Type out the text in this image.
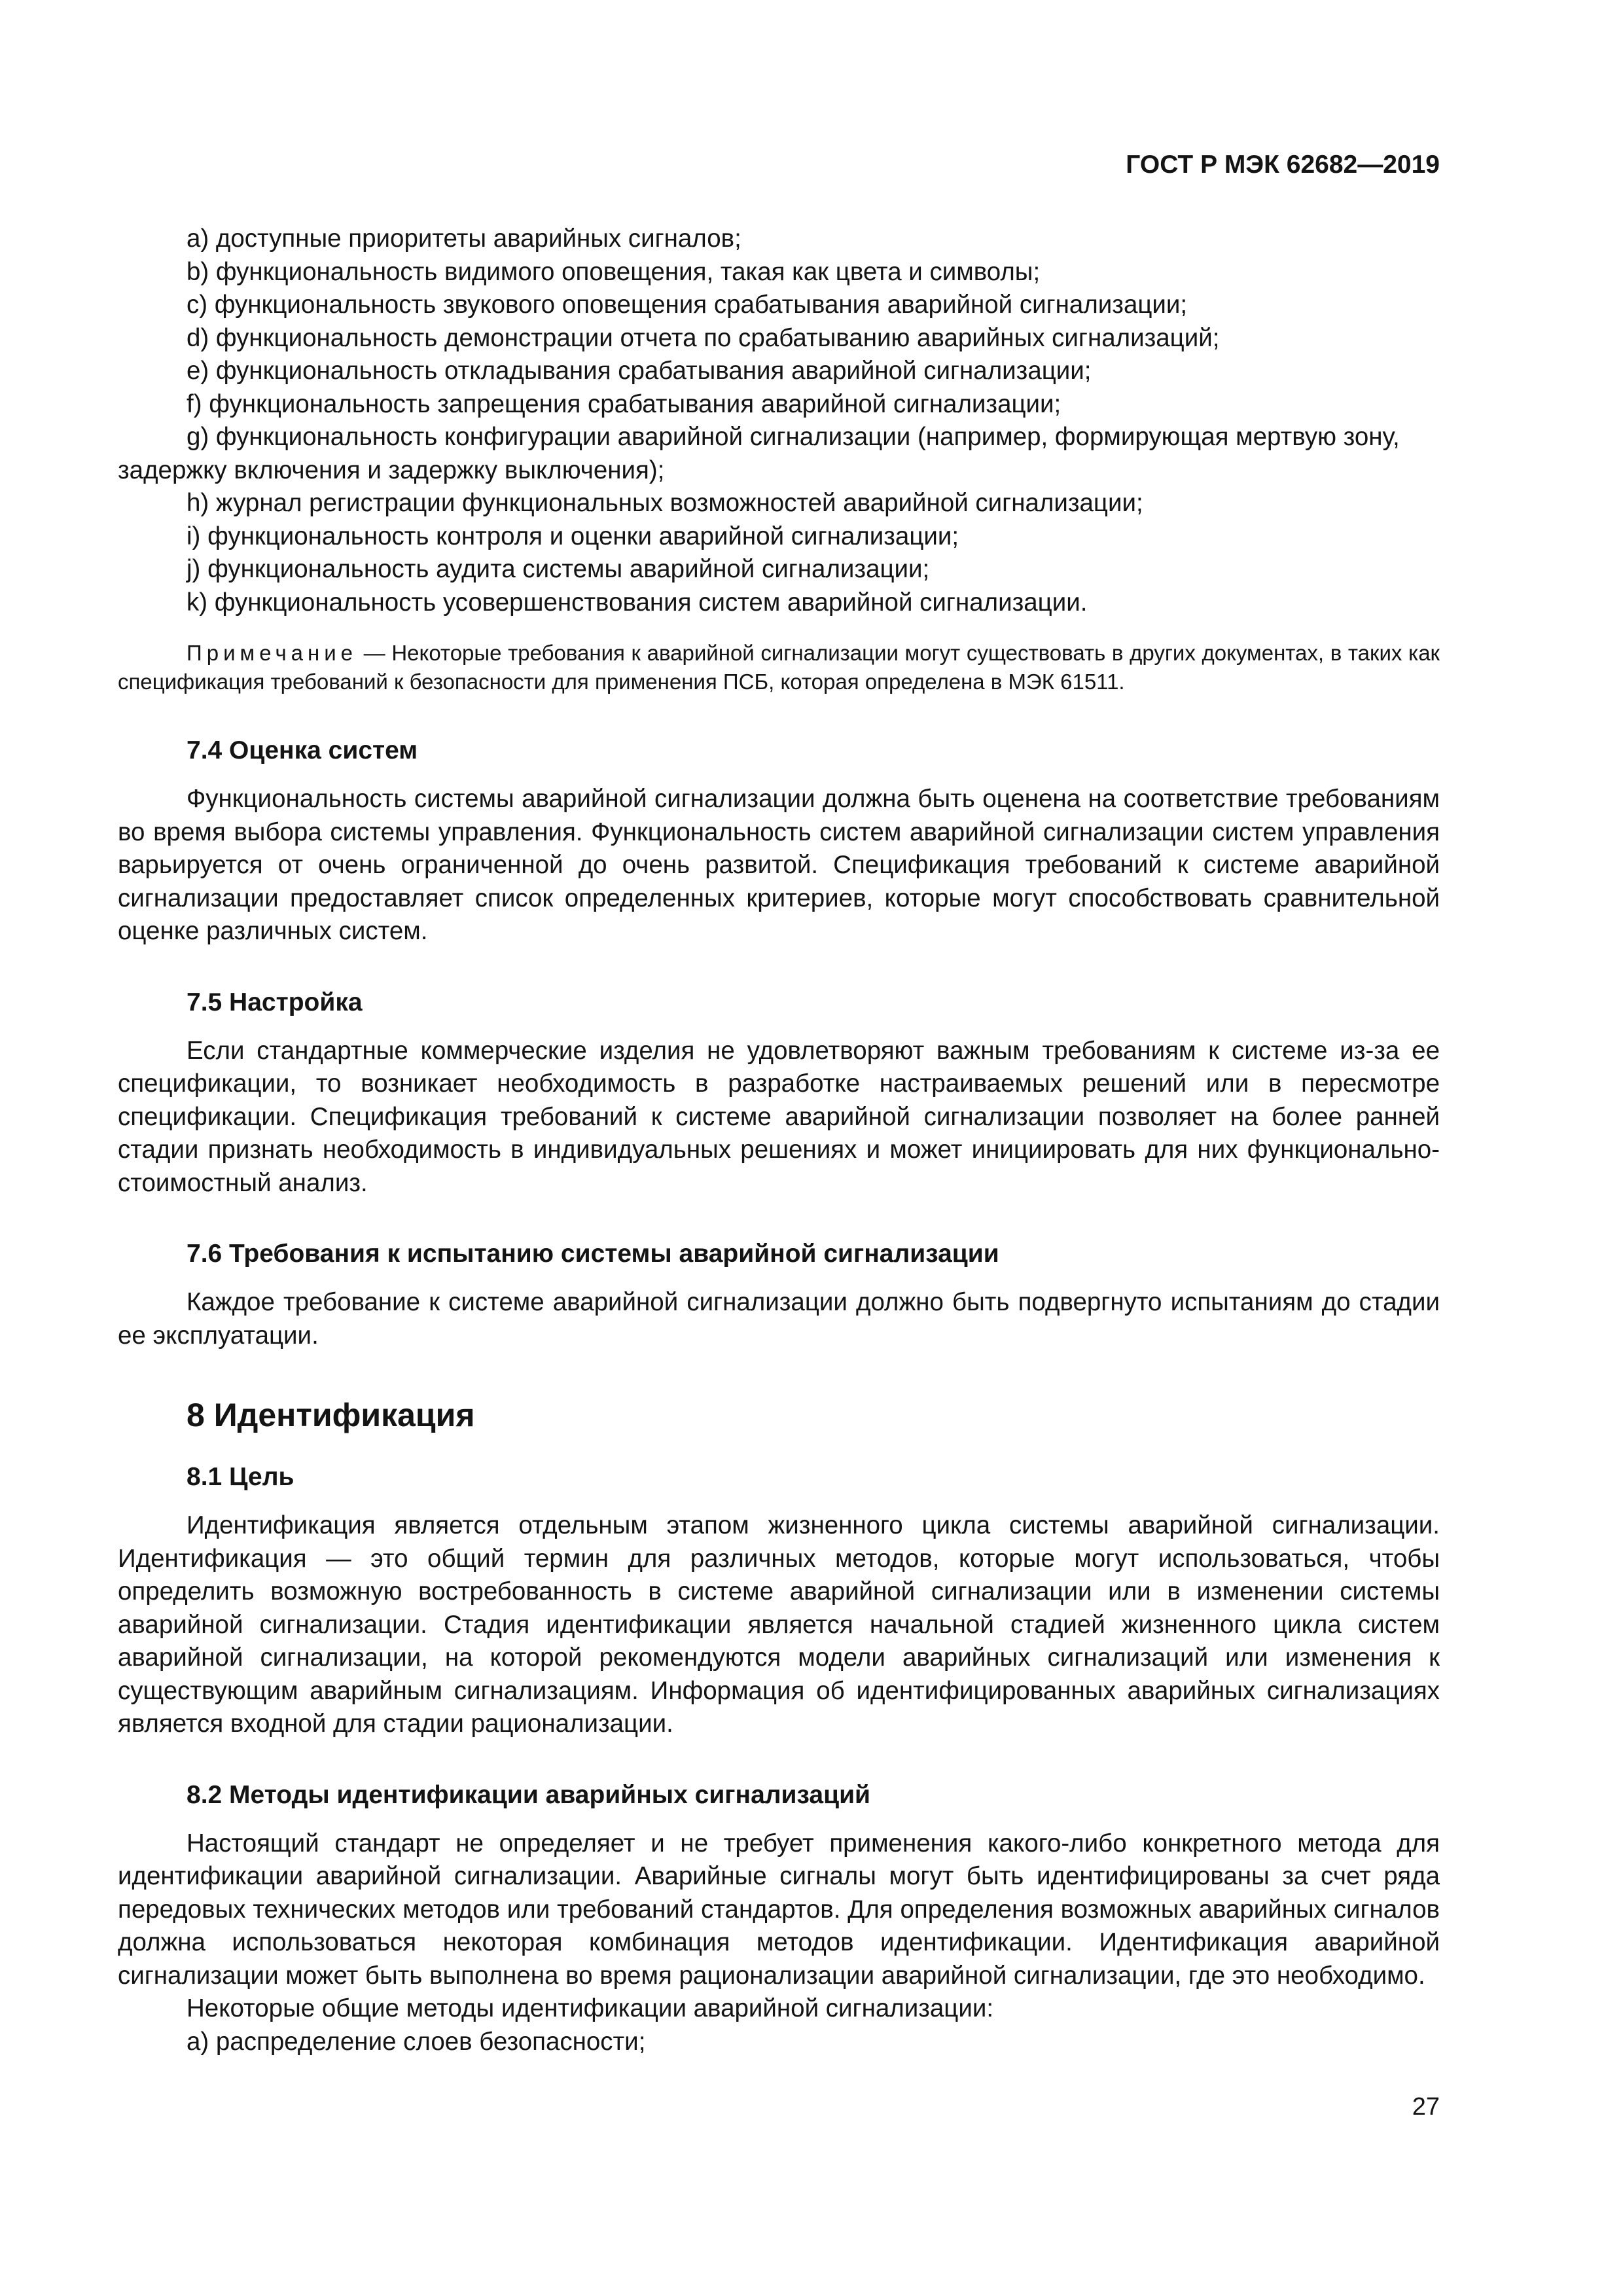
ГОСТ Р МЭК 62682—2019

a) доступные приоритеты аварийных сигналов;

b) функциональность видимого оповещения, такая как цвета и символы;

c) функциональность звукового оповещения срабатывания аварийной сигнализации;

d) функциональность демонстрации отчета по срабатыванию аварийных сигнализаций;

e) функциональность откладывания срабатывания аварийной сигнализации;

f) функциональность запрещения срабатывания аварийной сигнализации;

g) функциональность конфигурации аварийной сигнализации (например, формирующая мертвую зону, задержку включения и задержку выключения);

h) журнал регистрации функциональных возможностей аварийной сигнализации;

i) функциональность контроля и оценки аварийной сигнализации;

j) функциональность аудита системы аварийной сигнализации;

k) функциональность усовершенствования систем аварийной сигнализации.

Примечание — Некоторые требования к аварийной сигнализации могут существовать в других документах, в таких как спецификация требований к безопасности для применения ПСБ, которая определена в МЭК 61511.

7.4 Оценка систем

Функциональность системы аварийной сигнализации должна быть оценена на соответствие требованиям во время выбора системы управления. Функциональность систем аварийной сигнализации систем управления варьируется от очень ограниченной до очень развитой. Спецификация требований к системе аварийной сигнализации предоставляет список определенных критериев, которые могут способствовать сравнительной оценке различных систем.

7.5 Настройка

Если стандартные коммерческие изделия не удовлетворяют важным требованиям к системе из-за ее спецификации, то возникает необходимость в разработке настраиваемых решений или в пересмотре спецификации. Спецификация требований к системе аварийной сигнализации позволяет на более ранней стадии признать необходимость в индивидуальных решениях и может инициировать для них функционально-стоимостный анализ.

7.6 Требования к испытанию системы аварийной сигнализации

Каждое требование к системе аварийной сигнализации должно быть подвергнуто испытаниям до стадии ее эксплуатации.

8 Идентификация
8.1 Цель

Идентификация является отдельным этапом жизненного цикла системы аварийной сигнализации. Идентификация — это общий термин для различных методов, которые могут использоваться, чтобы определить возможную востребованность в системе аварийной сигнализации или в изменении системы аварийной сигнализации. Стадия идентификации является начальной стадией жизненного цикла систем аварийной сигнализации, на которой рекомендуются модели аварийных сигнализаций или изменения к существующим аварийным сигнализациям. Информация об идентифицированных аварийных сигнализациях является входной для стадии рационализации.

8.2 Методы идентификации аварийных сигнализаций

Настоящий стандарт не определяет и не требует применения какого-либо конкретного метода для идентификации аварийной сигнализации. Аварийные сигналы могут быть идентифицированы за счет ряда передовых технических методов или требований стандартов. Для определения возможных аварийных сигналов должна использоваться некоторая комбинация методов идентификации. Идентификация аварийной сигнализации может быть выполнена во время рационализации аварийной сигнализации, где это необходимо.

Некоторые общие методы идентификации аварийной сигнализации:

a) распределение слоев безопасности;

27
